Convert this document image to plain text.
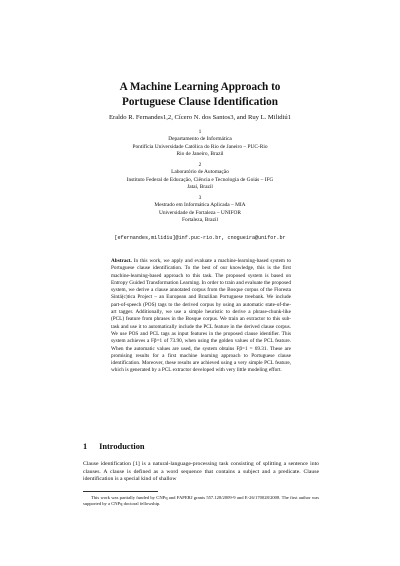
A Machine Learning Approach to
Portuguese Clause Identification
Eraldo R. Fernandes1,2, Cícero N. dos Santos3, and Ruy L. Milidiú1
1
Departamento de Informática
Pontifícia Universidade Católica do Rio de Janeiro – PUC-Rio
Rio de Janeiro, Brazil
2
Laboratório de Automação
Instituto Federal de Educação, Ciência e Tecnologia de Goiás – IFG
Jataí, Brazil
3
Mestrado em Informática Aplicada – MIA
Universidade de Fortaleza – UNIFOR
Fortaleza, Brazil
[efernandes,milidiu]@inf.puc-rio.br, cnogueira@unifor.br
Abstract. In this work, we apply and evaluate a machine-learning-based system to Portuguese clause identification. To the best of our knowledge, this is the first machine-learning-based approach to this task. The proposed system is based on Entropy Guided Transformation Learning. In order to train and evaluate the proposed system, we derive a clause annotated corpus from the Bosque corpus of the Floresta Sintá(c)tica Project – an European and Brazilian Portuguese treebank. We include part-of-speech (POS) tags to the derived corpus by using an automatic state-of-the-art tagger. Additionally, we use a simple heuristic to derive a phrase-chunk-like (PCL) feature from phrases in the Bosque corpus. We train an extractor to this sub-task and use it to automatically include the PCL feature in the derived clause corpus. We use POS and PCL tags as input features in the proposed clause identifier. This system achieves a Fβ=1 of 73.90, when using the golden values of the PCL feature. When the automatic values are used, the system obtains Fβ=1 = 69.31. These are promising results for a first machine learning approach to Portuguese clause identification. Moreover, these results are achieved using a very simple PCL feature, which is generated by a PCL extractor developed with very little modeling effort.
1 Introduction
Clause identification [1] is a natural-language-processing task consisting of splitting a sentence into clauses. A clause is defined as a word sequence that contains a subject and a predicate. Clause identification is a special kind of shallow
This work was partially funded by CNPq and FAPERJ grants 557.128/2009-9 and E-26/170028/2008. The first author was supported by a CNPq doctoral fellowship.
